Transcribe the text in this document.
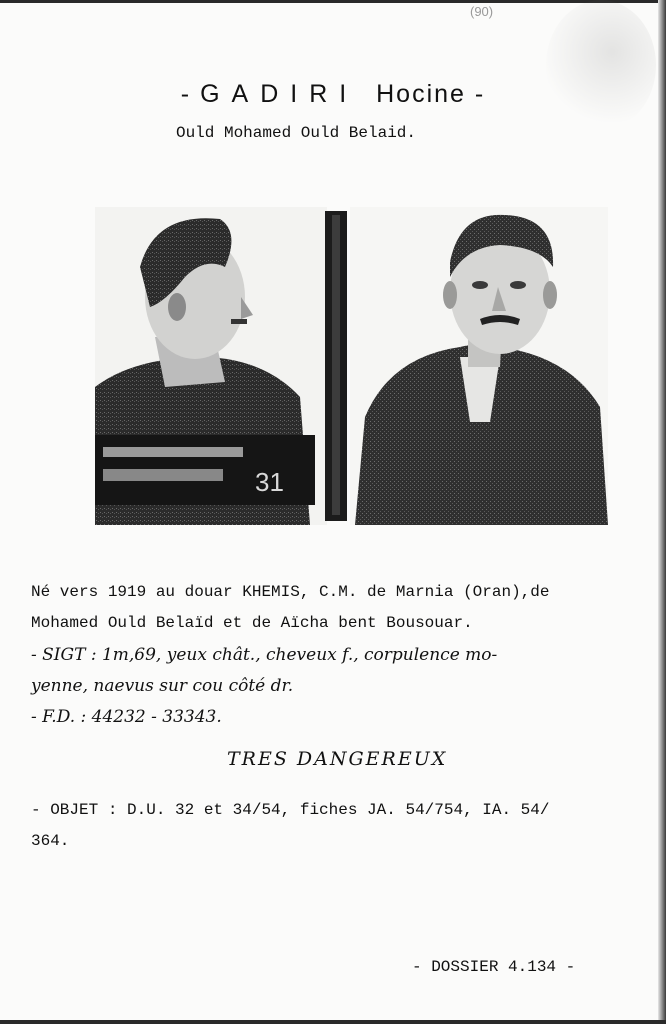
(90)
- GADIRI Hocine -
Ould Mohamed Ould Belaid.
31
Né vers 1919 au douar KHEMIS, C.M. de Marnia (Oran),de
Mohamed Ould Belaïd et de Aïcha bent Bousouar.
- SIGT : 1m,69, yeux chât., cheveux f., corpulence mo-
yenne, naevus sur cou côté dr.
- F.D. : 44232 - 33343.
TRES DANGEREUX
- OBJET : D.U. 32 et 34/54, fiches JA. 54/754, IA. 54/
364.
- DOSSIER 4.134 -
